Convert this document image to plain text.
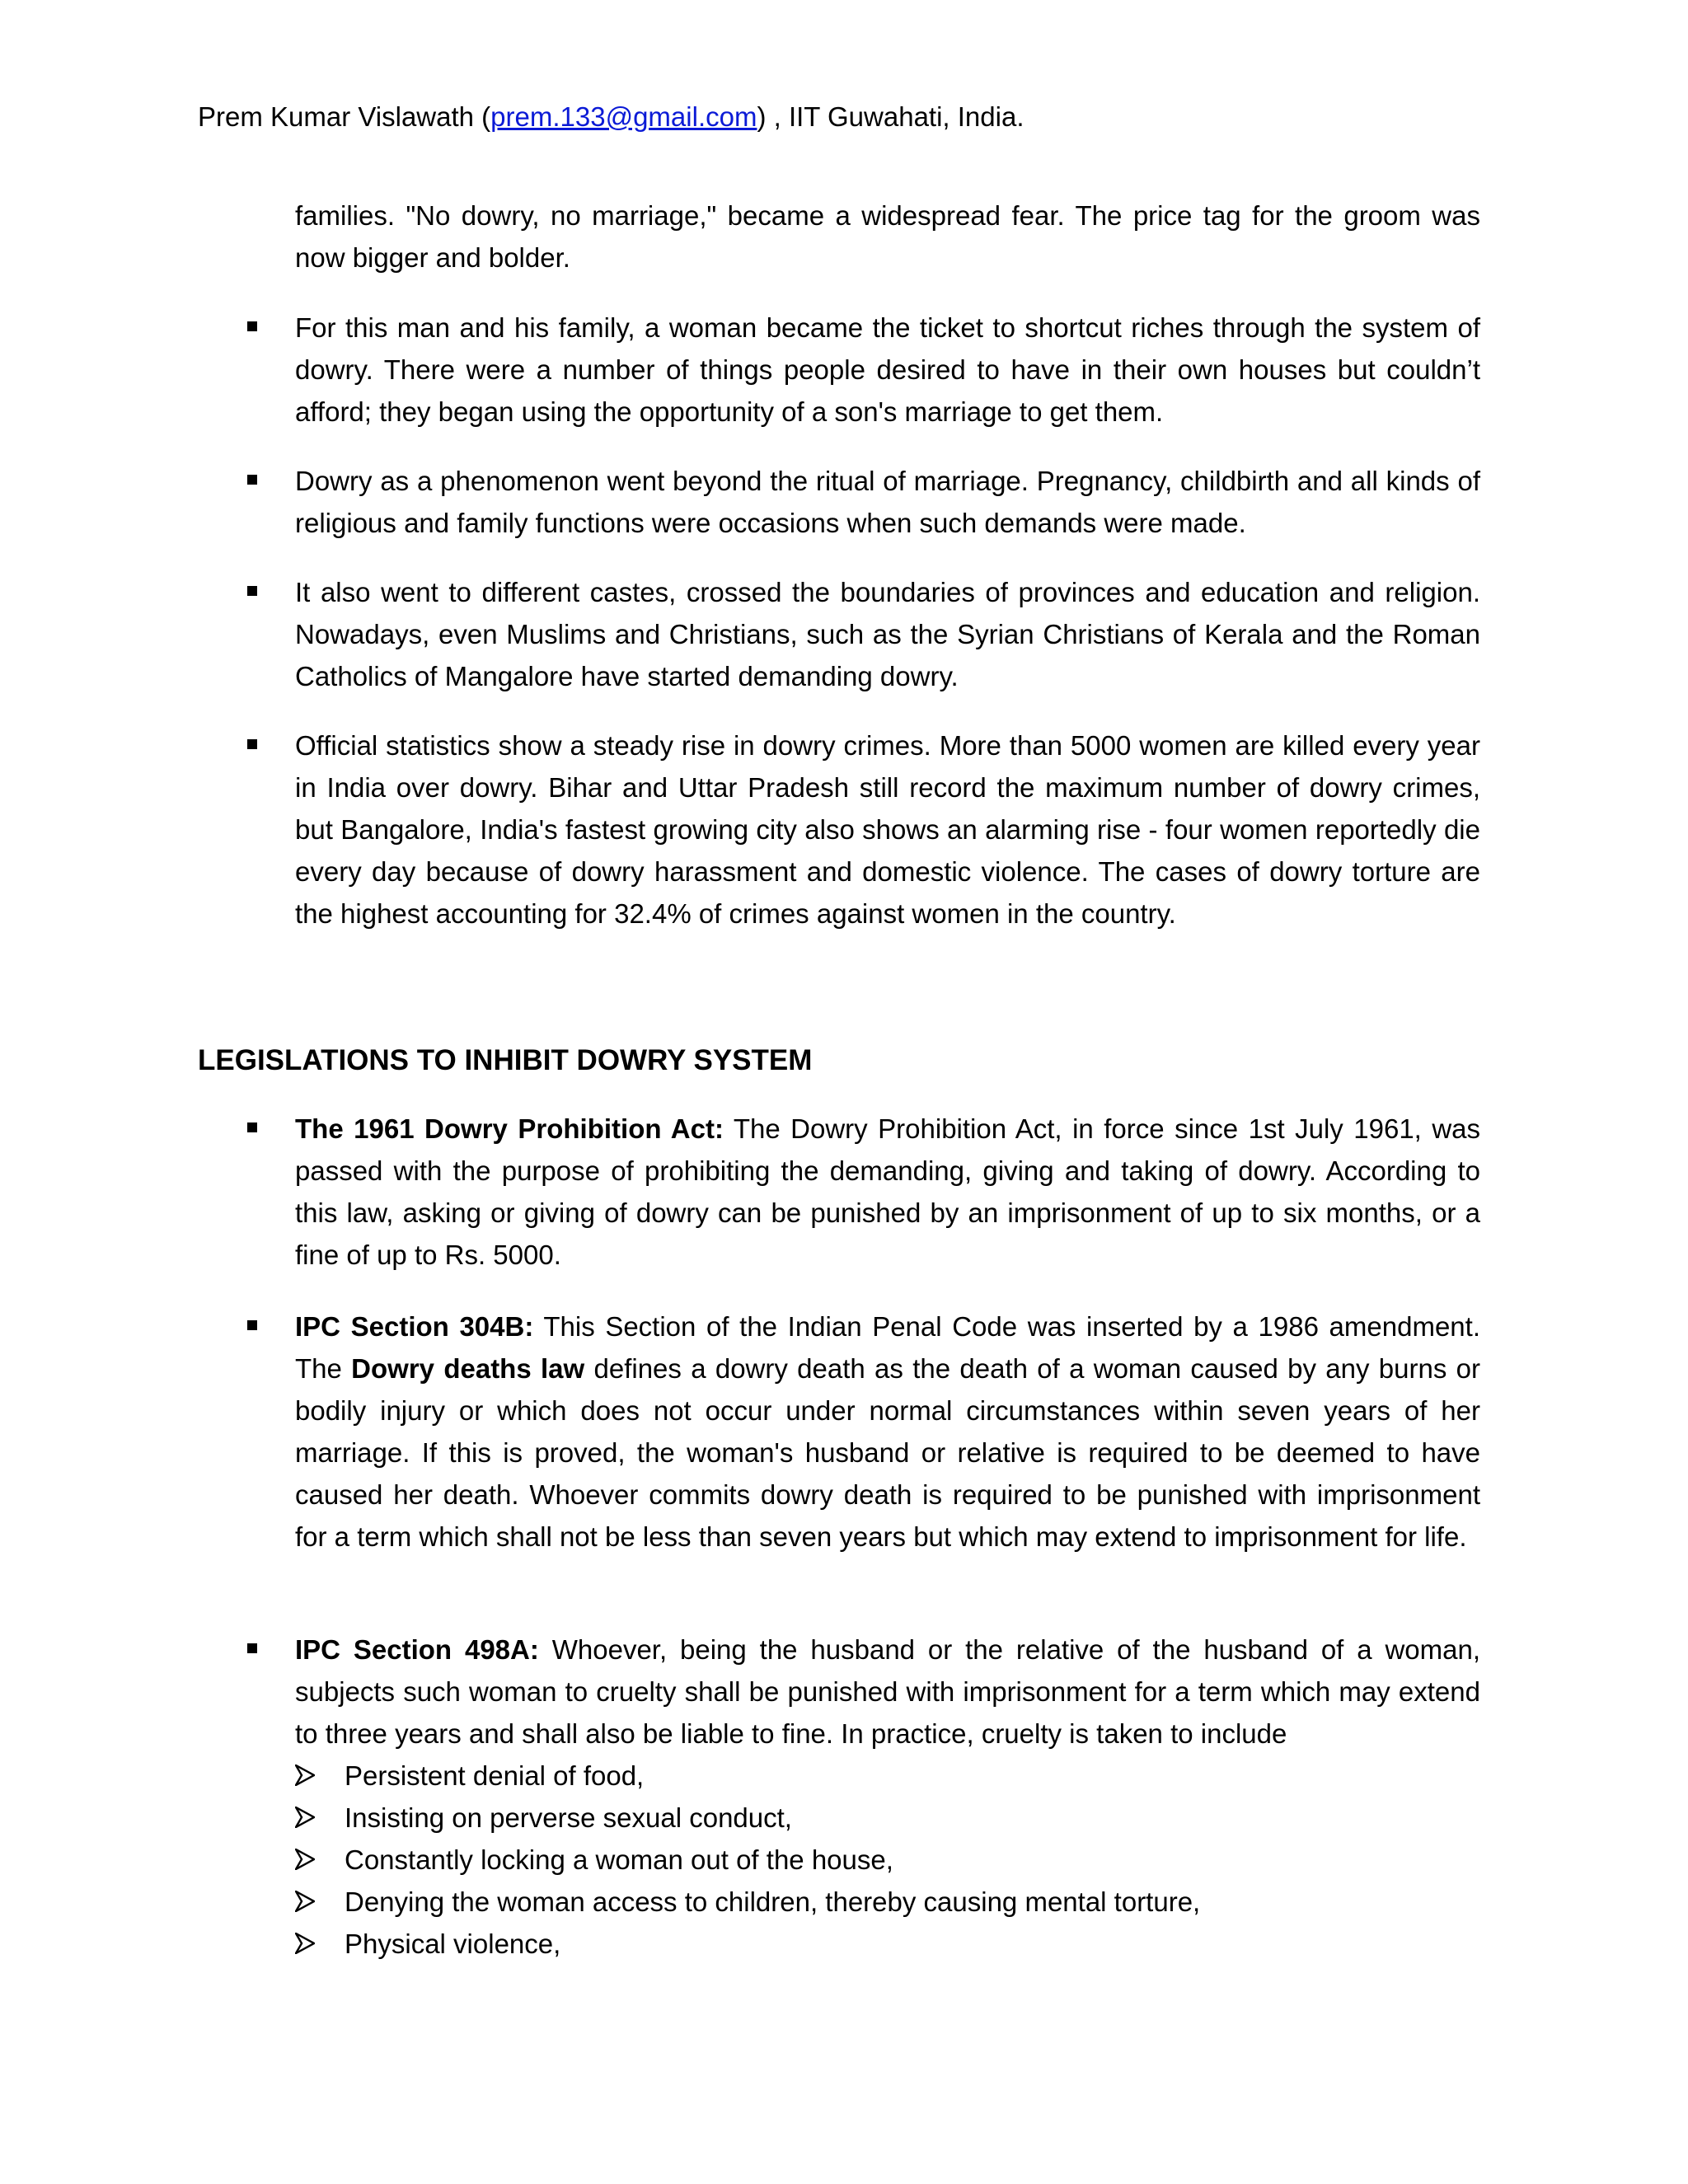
Prem Kumar Vislawath (prem.133@gmail.com) , IIT Guwahati, India.

families. "No dowry, no marriage," became a widespread fear. The price tag for the groom was now bigger and bolder.

For this man and his family, a woman became the ticket to shortcut riches through the system of dowry. There were a number of things people desired to have in their own houses but couldn’t afford; they began using the opportunity of a son's marriage to get them.

Dowry as a phenomenon went beyond the ritual of marriage. Pregnancy, childbirth and all kinds of religious and family functions were occasions when such demands were made.

It also went to different castes, crossed the boundaries of provinces and education and religion. Nowadays, even Muslims and Christians, such as the Syrian Christians of Kerala and the Roman Catholics of Mangalore have started demanding dowry.

Official statistics show a steady rise in dowry crimes. More than 5000 women are killed every year in India over dowry. Bihar and Uttar Pradesh still record the maximum number of dowry crimes, but Bangalore, India's fastest growing city also shows an alarming rise - four women reportedly die every day because of dowry harassment and domestic violence. The cases of dowry torture are the highest accounting for 32.4% of crimes against women in the country.

LEGISLATIONS TO INHIBIT DOWRY SYSTEM

The 1961 Dowry Prohibition Act: The Dowry Prohibition Act, in force since 1st July 1961, was passed with the purpose of prohibiting the demanding, giving and taking of dowry. According to this law, asking or giving of dowry can be punished by an imprisonment of up to six months, or a fine of up to Rs. 5000.

IPC Section 304B: This Section of the Indian Penal Code was inserted by a 1986 amendment. The Dowry deaths law defines a dowry death as the death of a woman caused by any burns or bodily injury or which does not occur under normal circumstances within seven years of her marriage. If this is proved, the woman's husband or relative is required to be deemed to have caused her death. Whoever commits dowry death is required to be punished with imprisonment for a term which shall not be less than seven years but which may extend to imprisonment for life.

IPC Section 498A: Whoever, being the husband or the relative of the husband of a woman, subjects such woman to cruelty shall be punished with imprisonment for a term which may extend to three years and shall also be liable to fine. In practice, cruelty is taken to include

Persistent denial of food,
Insisting on perverse sexual conduct,
Constantly locking a woman out of the house,
Denying the woman access to children, thereby causing mental torture,
Physical violence,
